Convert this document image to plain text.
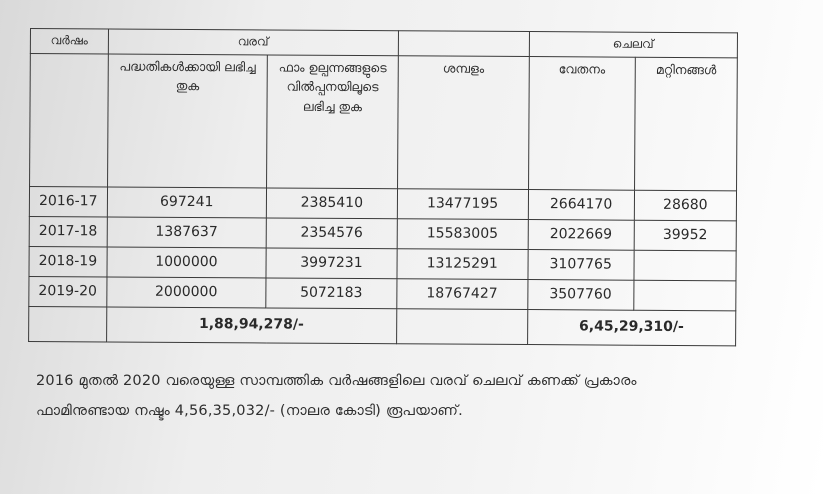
വർഷം	വരവ്			ചെലവ്	
	പദ്ധതികൾക്കായി ലഭിച്ച തുക	ഫാം ഉല്പന്നങ്ങളുടെ വിൽപ്പനയിലൂടെ ലഭിച്ച തുക	ശമ്പളം	വേതനം	മറ്റിനങ്ങൾ
2016-17	697241	2385410	13477195	2664170	28680
2017-18	1387637	2354576	15583005	2022669	39952
2018-19	1000000	3997231	13125291	3107765	
2019-20	2000000	5072183	18767427	3507760	
	1,88,94,278/-			6,45,29,310/-	
2016 മുതൽ 2020 വരെയുള്ള സാമ്പത്തിക വർഷങ്ങളിലെ വരവ് ചെലവ് കണക്ക് പ്രകാരം
ഫാമിനുണ്ടായ നഷ്ടം 4,56,35,032/- (നാലര കോടി) രൂപയാണ്.
